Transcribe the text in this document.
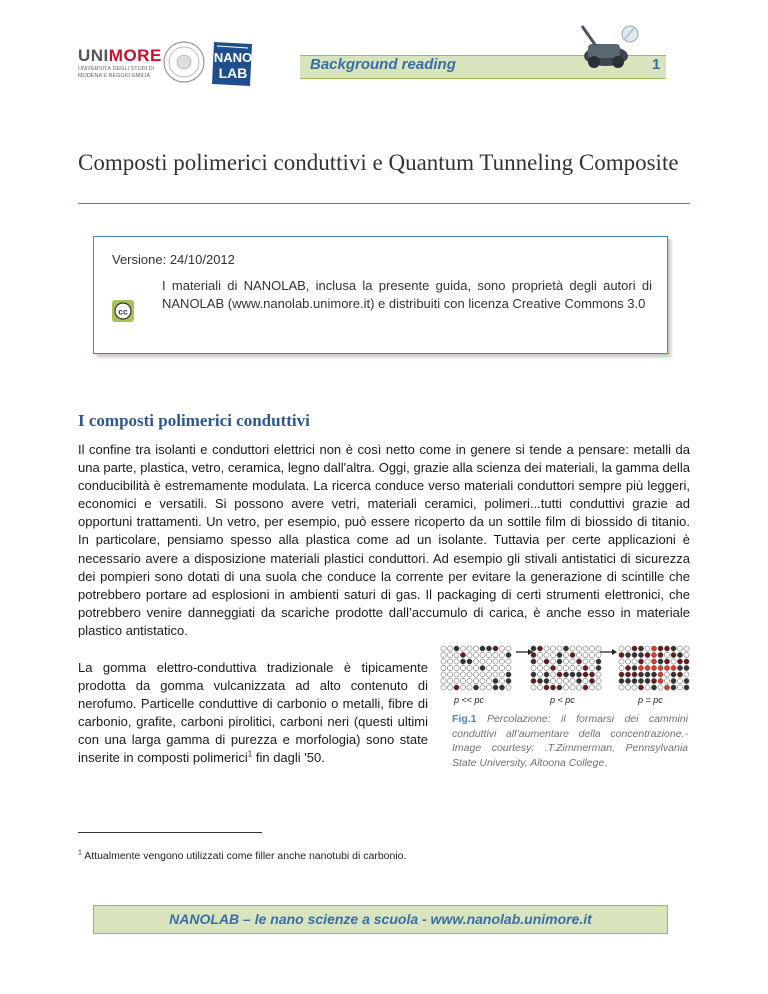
UNIMORE
UNIVERSITÀ DEGLI STUDI DI MODENA E REGGIO EMILIA
NANO
LAB	Background reading	1
Composti polimerici conduttivi e Quantum Tunneling Composite
Versione: 24/10/2012
cc
I materiali di NANOLAB, inclusa la presente guida, sono proprietà degli autori di NANOLAB (www.nanolab.unimore.it) e distribuiti con licenza Creative Commons 3.0
I composti polimerici conduttivi
Il confine tra isolanti e conduttori elettrici non è così netto come in genere si tende a pensare: metalli da una parte, plastica, vetro, ceramica, legno dall'altra. Oggi, grazie alla scienza dei materiali, la gamma della conducibilità è estremamente modulata. La ricerca conduce verso materiali conduttori sempre più leggeri, economici e versatili. Si possono avere vetri, materiali ceramici, polimeri...tutti conduttivi grazie ad opportuni trattamenti. Un vetro, per esempio, può essere ricoperto da un sottile film di biossido di titanio. In particolare, pensiamo spesso alla plastica come ad un isolante. Tuttavia per certe applicazioni è necessario avere a disposizione materiali plastici conduttori. Ad esempio gli stivali antistatici di sicurezza dei pompieri sono dotati di una suola che conduce la corrente per evitare la generazione di scintille che potrebbero portare ad esplosioni in ambienti saturi di gas. Il packaging di certi strumenti elettronici, che potrebbero venire danneggiati da scariche prodotte dall’accumulo di carica, è anche esso in materiale plastico antistatico.
La gomma elettro-conduttiva tradizionale è tipicamente prodotta da gomma vulcanizzata ad alto contenuto di nerofumo. Particelle conduttive di carbonio o metalli, fibre di carbonio, grafite, carboni pirolitici, carboni neri (questi ultimi con una larga gamma di purezza e morfologia) sono state inserite in composti polimerici$^1$ fin dagli '50.
p << pc	p < pc	p = pc
Fig.1 Percolazione: il formarsi dei cammini conduttivi all’aumentare della concentrazione.- Image courtesy: .T.Zimmerman, Pennsylvania State University, Altoona College.
$^1$ Attualmente vengono utilizzati come filler anche nanotubi di carbonio.
NANOLAB – le nano scienze a scuola - www.nanolab.unimore.it
